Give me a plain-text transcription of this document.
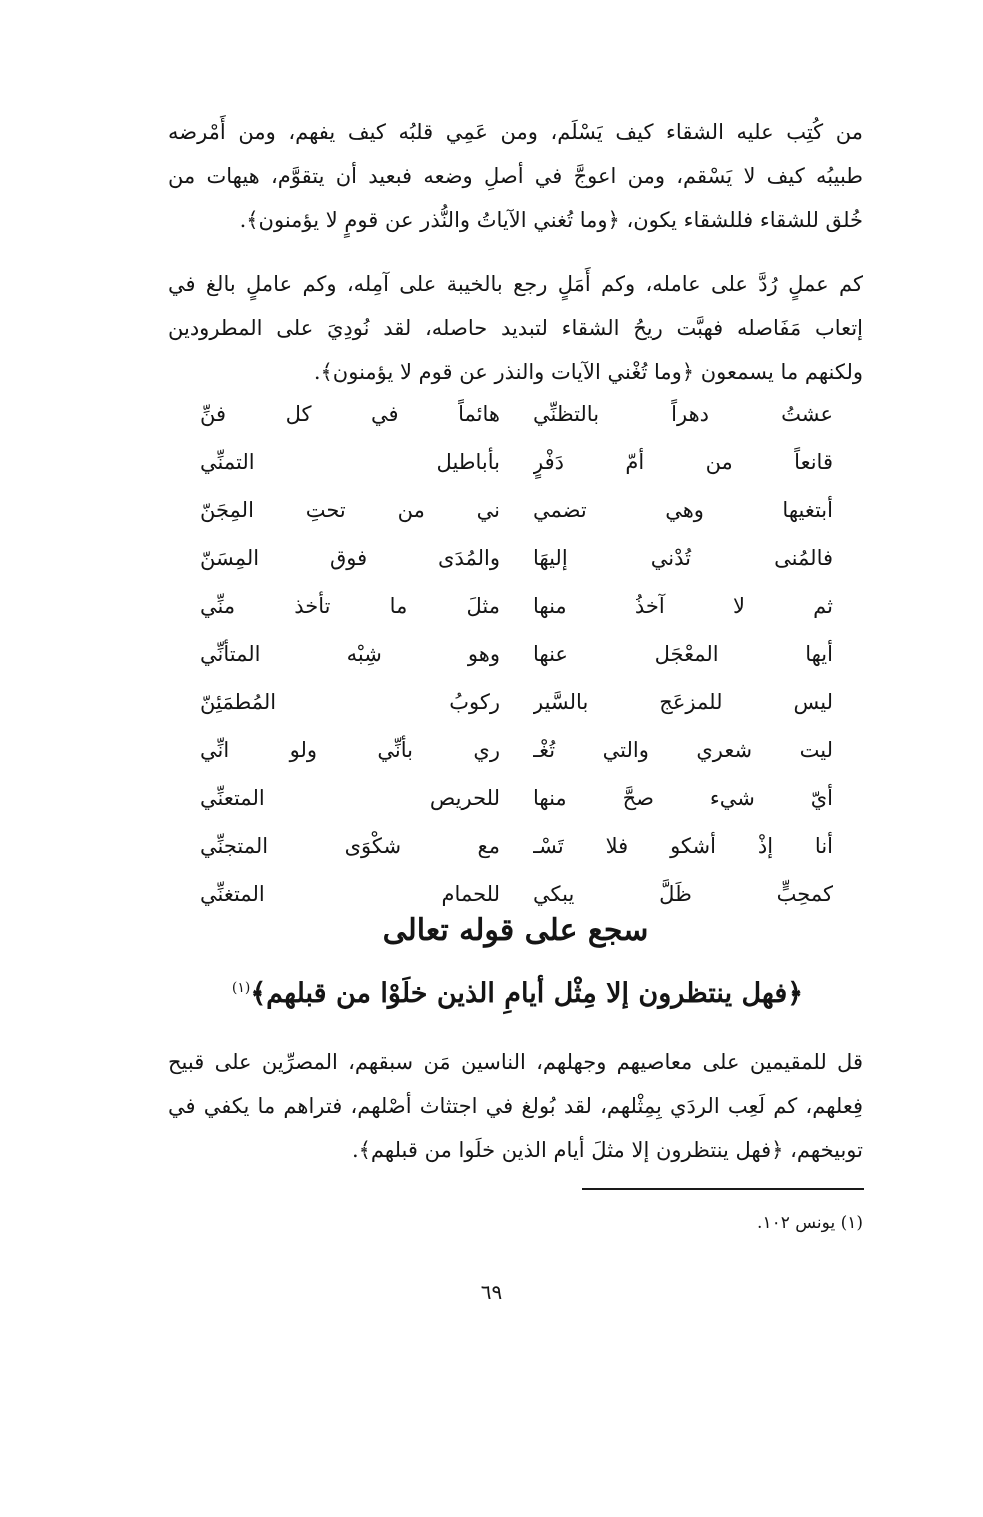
من كُتِب عليه الشقاء كيف يَسْلَم، ومن عَمِي قلبُه كيف يفهم، ومن أَمْرضه
طبيبُه كيف لا يَسْقم، ومن اعوجَّ في أصلِ وضعه فبعيد أن يتقوَّم، هيهات من
خُلق للشقاء فللشقاء يكون، ﴿وما تُغني الآياتُ والنُّذر عن قومٍ لا يؤمنون﴾.
كم عملٍ رُدَّ على عامله، وكم أَمَلٍ رجع بالخيبة على آمِله، وكم عاملٍ بالغ في
إتعاب مَفَاصله فهبَّت ريحُ الشقاء لتبديد حاصله، لقد نُودِيَ على المطرودين
ولكنهم ما يسمعون ﴿وما تُغْني الآيات والنذر عن قوم لا يؤمنون﴾.
عشتُ دهراً بالتظنِّي
هائماً في كل فنِّ
قانعاً من أمّ دَفْرٍ
بأباطيل التمنِّي
أبتغيها وهي تضمي
ني من تحتِ المِجَنّ
فالمُنى تُدْني إليهَا
والمُدَى فوق المِسَنّ
ثم لا آخذُ منها
مثلَ ما تأخذ منِّي
أيها المعْجَل عنها
وهو شِبْه المتأنِّي
ليس للمزعَج بالسَّير
ركوبُ المُطمَئِنّ
ليت شعري والتي تُغْـ
ري بأنِّي ولو انِّي
أيّ شيء صحَّ منها
للحريص المتعنِّي
أنا إذْ أشكو فلا تَسْـ
مع شكْوَى المتجنِّي
كمحِبٍّ ظَلَّ يبكي
للحمام المتغنِّي
سجع على قوله تعالى
﴿فهل ينتظرون إلا مِثْل أيامِ الذين خلَوْا من قبلهم﴾$^{(١)}$
قل للمقيمين على معاصيهم وجهلهم، الناسين مَن سبقهم، المصرِّين على قبيح
فِعلهم، كم لَعِب الردَي بِمِثْلهم، لقد بُولغ في اجتثاث أصْلهم، فتراهم ما يكفي في
توبيخهم، ﴿فهل ينتظرون إلا مثلَ أيام الذين خلَوا من قبلهم﴾.
(١) يونس ١٠٢.
٦٩
